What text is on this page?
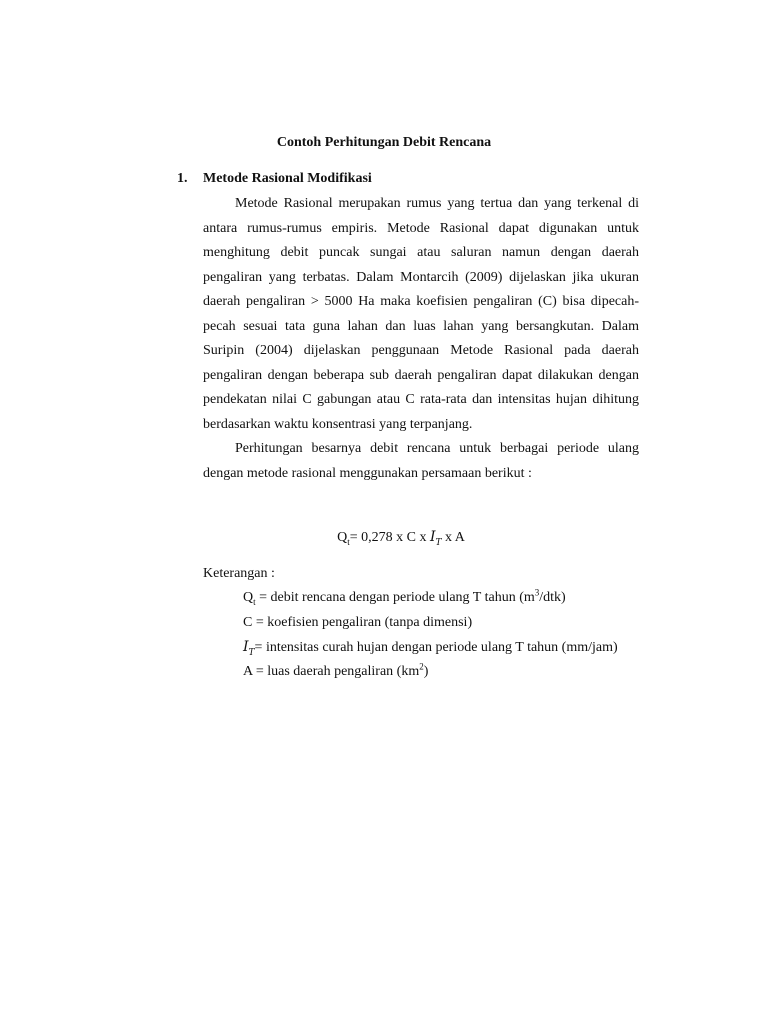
Contoh Perhitungan Debit Rencana
1. Metode Rasional Modifikasi
Metode Rasional merupakan rumus yang tertua dan yang terkenal di
antara rumus-rumus empiris. Metode Rasional dapat digunakan untuk
menghitung debit puncak sungai atau saluran namun dengan daerah
pengaliran yang terbatas. Dalam Montarcih (2009) dijelaskan jika ukuran
daerah pengaliran > 5000 Ha maka koefisien pengaliran (C) bisa dipecah-
pecah sesuai tata guna lahan dan luas lahan yang bersangkutan. Dalam
Suripin (2004) dijelaskan penggunaan Metode Rasional pada daerah
pengaliran dengan beberapa sub daerah pengaliran dapat dilakukan dengan
pendekatan nilai C gabungan atau C rata-rata dan intensitas hujan dihitung
berdasarkan waktu konsentrasi yang terpanjang.
Perhitungan besarnya debit rencana untuk berbagai periode ulang
dengan metode rasional menggunakan persamaan berikut :
$Q_t= 0,278$ x C x $I_T$ x A
Keterangan :
$Q_t$ = debit rencana dengan periode ulang T tahun $(m^3/dtk)$
C = koefisien pengaliran (tanpa dimensi)
$I_T=$ intensitas curah hujan dengan periode ulang T tahun (mm/jam)
A = luas daerah pengaliran $(km^2)$
